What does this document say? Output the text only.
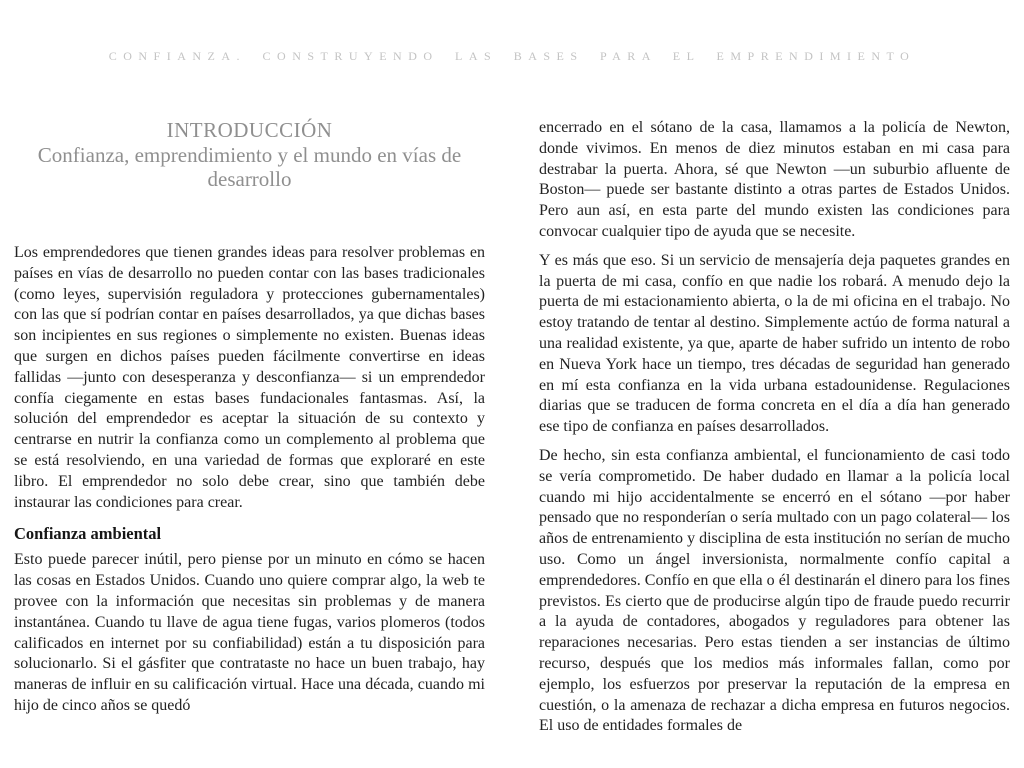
CONFIANZA. CONSTRUYENDO LAS BASES PARA EL EMPRENDIMIENTO
INTRODUCCIÓN
Confianza, emprendimiento y el mundo en vías de desarrollo

Los emprendedores que tienen grandes ideas para resolver problemas en países en vías de desarrollo no pueden contar con las bases tradicionales (como leyes, supervisión reguladora y protecciones gubernamentales) con las que sí podrían contar en países desarrollados, ya que dichas bases son incipientes en sus regiones o simplemente no existen. Buenas ideas que surgen en dichos países pueden fácilmente convertirse en ideas fallidas —junto con desesperanza y desconfianza— si un emprendedor confía ciegamente en estas bases fundacionales fantasmas. Así, la solución del emprendedor es aceptar la situación de su contexto y centrarse en nutrir la confianza como un complemento al problema que se está resolviendo, en una variedad de formas que exploraré en este libro. El emprendedor no solo debe crear, sino que también debe instaurar las condiciones para crear.

Confianza ambiental

Esto puede parecer inútil, pero piense por un minuto en cómo se hacen las cosas en Estados Unidos. Cuando uno quiere comprar algo, la web te provee con la información que necesitas sin problemas y de manera instantánea. Cuando tu llave de agua tiene fugas, varios plomeros (todos calificados en internet por su confiabilidad) están a tu disposición para solucionarlo. Si el gásfiter que contrataste no hace un buen trabajo, hay maneras de influir en su calificación virtual. Hace una década, cuando mi hijo de cinco años se quedó

encerrado en el sótano de la casa, llamamos a la policía de Newton, donde vivimos. En menos de diez minutos estaban en mi casa para destrabar la puerta. Ahora, sé que Newton —un suburbio afluente de Boston— puede ser bastante distinto a otras partes de Estados Unidos. Pero aun así, en esta parte del mundo existen las condiciones para convocar cualquier tipo de ayuda que se necesite.

Y es más que eso. Si un servicio de mensajería deja paquetes grandes en la puerta de mi casa, confío en que nadie los robará. A menudo dejo la puerta de mi estacionamiento abierta, o la de mi oficina en el trabajo. No estoy tratando de tentar al destino. Simplemente actúo de forma natural a una realidad existente, ya que, aparte de haber sufrido un intento de robo en Nueva York hace un tiempo, tres décadas de seguridad han generado en mí esta confianza en la vida urbana estadounidense. Regulaciones diarias que se traducen de forma concreta en el día a día han generado ese tipo de confianza en países desarrollados.

De hecho, sin esta confianza ambiental, el funcionamiento de casi todo se vería comprometido. De haber dudado en llamar a la policía local cuando mi hijo accidentalmente se encerró en el sótano —por haber pensado que no responderían o sería multado con un pago colateral— los años de entrenamiento y disciplina de esta institución no serían de mucho uso. Como un ángel inversionista, normalmente confío capital a emprendedores. Confío en que ella o él destinarán el dinero para los fines previstos. Es cierto que de producirse algún tipo de fraude puedo recurrir a la ayuda de contadores, abogados y reguladores para obtener las reparaciones necesarias. Pero estas tienden a ser instancias de último recurso, después que los medios más informales fallan, como por ejemplo, los esfuerzos por preservar la reputación de la empresa en cuestión, o la amenaza de rechazar a dicha empresa en futuros negocios. El uso de entidades formales de
